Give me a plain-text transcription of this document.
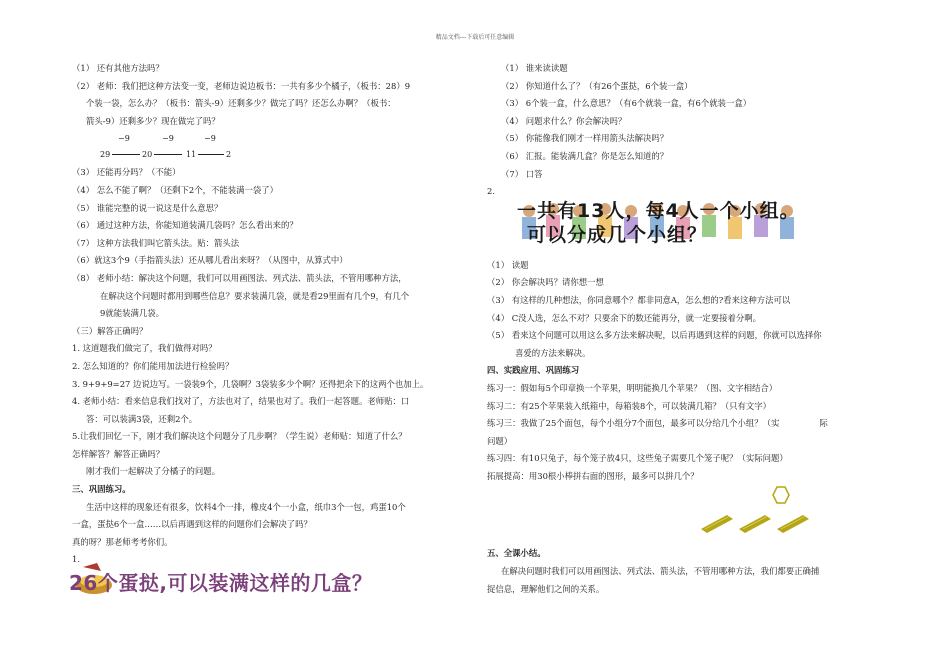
精品文档---下载后可任意编辑
（1） 还有其他方法吗？
（2） 老师：我们把这种方法变一变，老师边说边板书：一共有多少个橘子，（板书：28）9
个装一袋，怎么办？（板书：箭头-9）还剩多少？做完了吗？还怎么办啊？（板书：
箭头-9）还剩多少？现在做完了吗？
−9	−9	−9
29	20	11	2
（3） 还能再分吗？（不能）
（4） 怎么不能了啊？（还剩下2个，不能装满一袋了）
（5） 谁能完整的说一说这是什么意思？
（6） 通过这种方法，你能知道装满几袋吗？怎么看出来的？
（7） 这种方法我们叫它箭头法。贴：箭头法
（6）就这3个9（手指箭头法）还从哪儿看出来呀？（从图中，从算式中）
（8） 老师小结：解决这个问题，我们可以用画图法、列式法、箭头法，不管用哪种方法，
在解决这个问题时都用到哪些信息？要求装满几袋，就是看29里面有几个9，有几个
9就能装满几袋。
（三）解答正确吗？
1. 这道题我们做完了，我们做得对吗？
2. 怎么知道的？你们能用加法进行检验吗？
3. 9+9+9=27 边说边写。一袋装9个，几袋啊？3袋装多少个啊？还得把余下的这两个也加上。
4. 老师小结：看来信息我们找对了，方法也对了，结果也对了。我们一起答题。老师贴：口
答：可以装满3袋，还剩2个。
5.让我们回忆一下，刚才我们解决这个问题分了几步啊？（学生说）老师贴：知道了什么？
怎样解答？解答正确吗？
刚才我们一起解决了分橘子的问题。
三、巩固练习。
生活中这样的现象还有很多，饮料4个一排，橡皮4个一小盒，纸巾3个一包，鸡蛋10个
一盒，蛋挞6个一盒……以后再遇到这样的问题你们会解决了吗？
真的呀？那老师考考你们。
1.
26个蛋挞,可以装满这样的几盒？
（1） 谁来读读题
（2） 你知道什么了？（有26个蛋挞，6个装一盒）
（3） 6个装一盒，什么意思？（有6个就装一盒，有6个就装一盒）
（4） 问题求什么？你会解决吗？
（5） 你能像我们刚才一样用箭头法解决吗？
（6） 汇报。能装满几盒？你是怎么知道的？
（7） 口答
2.
一共有13人，每4人一个小组。
可以分成几个小组？
（1） 读题
（2） 你会解决吗？请你想一想
（3） 有这样的几种想法，你同意哪个？都非同意A，怎么想的?看来这种方法可以
（4） C没人选，怎么不对？只要余下的数还能再分，就一定要接着分啊。
（5） 看来这个问题可以用这么多方法来解决呢，以后再遇到这样的问题，你就可以选择你
喜爱的方法来解决。
四、实践应用、巩固练习
练习一：假如每5个印章换一个苹果，明明能换几个苹果？（图、文字相结合）
练习二：有25个苹果装入纸箱中，每箱装8个，可以装满几箱？（只有文字）
练习三：我做了25个面包，每个小组分7个面包，最多可以分给几个小组？（实	际
问题）
练习四：有10只兔子，每个笼子放4只，这些兔子需要几个笼子呢？（实际问题）
拓展提高：用30根小棒拼右面的图形，最多可以拼几个？
五、全课小结。
在解决问题时我们可以用画图法、列式法、箭头法，不管用哪种方法，我们都要正确捕
捉信息，理解他们之间的关系。
